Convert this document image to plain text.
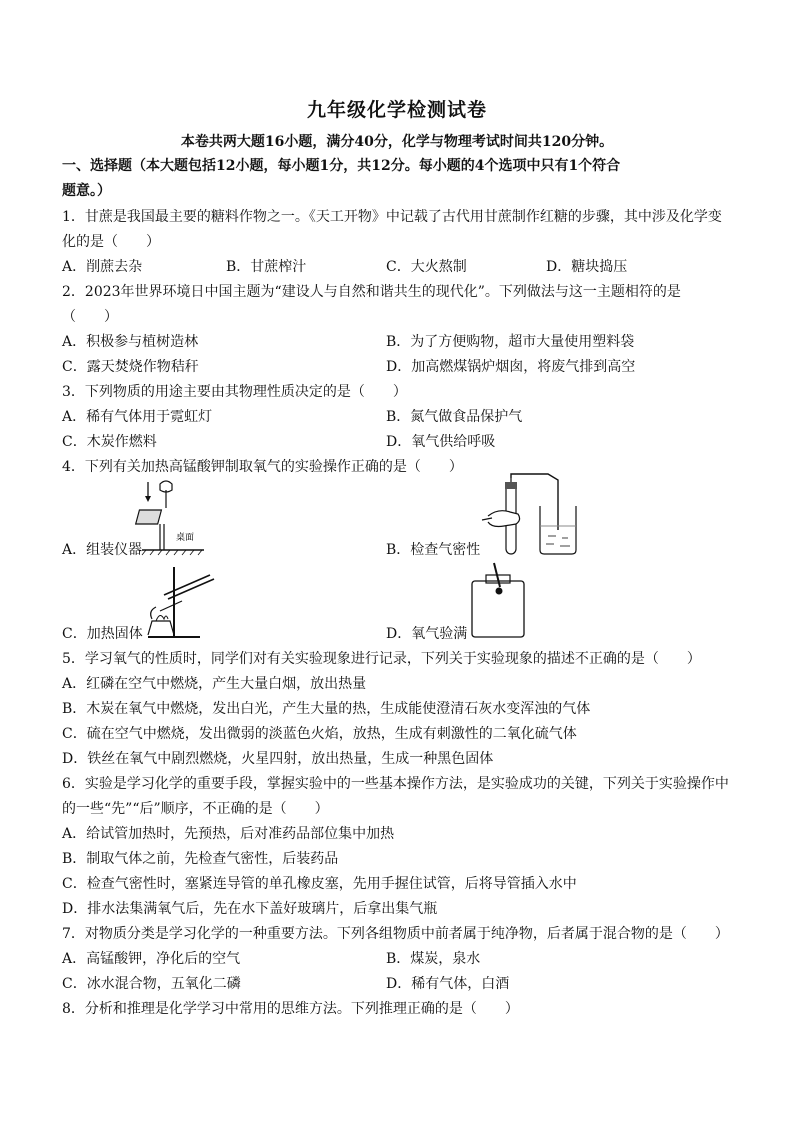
九年级化学检测试卷
本卷共两大题16小题，满分40分，化学与物理考试时间共120分钟。
一、选择题（本大题包括12小题，每小题1分，共12分。每小题的4个选项中只有1个符合
题意。）
1．甘蔗是我国最主要的糖料作物之一。《天工开物》中记载了古代用甘蔗制作红糖的步骤，其中涉及化学变
化的是（　　）
A．削蔗去杂	B．甘蔗榨汁	C．大火熬制	D．糖块捣压
2．2023年世界环境日中国主题为“建设人与自然和谐共生的现代化”。下列做法与这一主题相符的是
（　　）
A．积极参与植树造林	B．为了方便购物，超市大量使用塑料袋
C．露天焚烧作物秸秆	D．加高燃煤锅炉烟囱，将废气排到高空
3．下列物质的用途主要由其物理性质决定的是（　　）
A．稀有气体用于霓虹灯	B．氮气做食品保护气
C．木炭作燃料	D．氧气供给呼吸
4．下列有关加热高锰酸钾制取氧气的实验操作正确的是（　　）
桌面
A．组装仪器	B．检查气密性
C．加热固体	D．氧气验满
5．学习氧气的性质时，同学们对有关实验现象进行记录，下列关于实验现象的描述不正确的是（　　）
A．红磷在空气中燃烧，产生大量白烟，放出热量
B．木炭在氧气中燃烧，发出白光，产生大量的热，生成能使澄清石灰水变浑浊的气体
C．硫在空气中燃烧，发出微弱的淡蓝色火焰，放热，生成有刺激性的二氧化硫气体
D．铁丝在氧气中剧烈燃烧，火星四射，放出热量，生成一种黑色固体
6．实验是学习化学的重要手段，掌握实验中的一些基本操作方法，是实验成功的关键，下列关于实验操作中
的一些“先”“后”顺序，不正确的是（　　）
A．给试管加热时，先预热，后对准药品部位集中加热
B．制取气体之前，先检查气密性，后装药品
C．检查气密性时，塞紧连导管的单孔橡皮塞，先用手握住试管，后将导管插入水中
D．排水法集满氧气后，先在水下盖好玻璃片，后拿出集气瓶
7．对物质分类是学习化学的一种重要方法。下列各组物质中前者属于纯净物，后者属于混合物的是（　　）
A．高锰酸钾，净化后的空气	B．煤炭，泉水
C．冰水混合物，五氧化二磷	D．稀有气体，白酒
8．分析和推理是化学学习中常用的思维方法。下列推理正确的是（　　）
